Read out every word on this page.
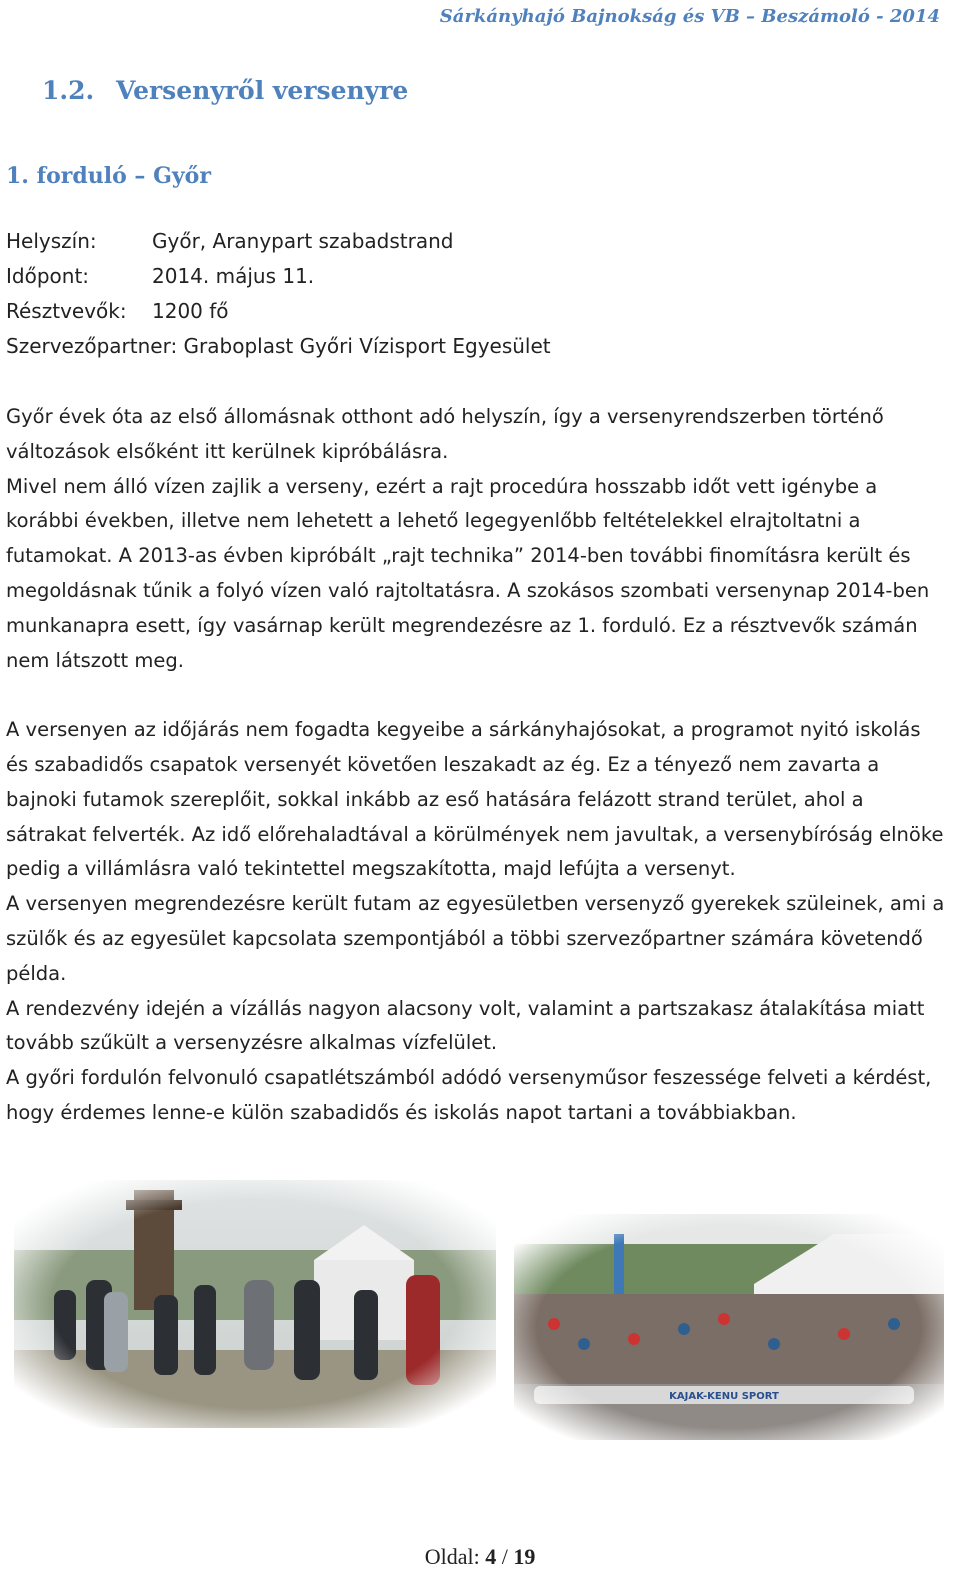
Sárkányhajó Bajnokság és VB – Beszámoló - 2014
1.2. Versenyről versenyre
1. forduló – Győr
Helyszín:	Győr, Aranypart szabadstrand
Időpont:	2014. május 11.
Résztvevők: 1200 fő
Szervezőpartner: Graboplast Győri Vízisport Egyesület

Győr évek óta az első állomásnak otthont adó helyszín, így a versenyrendszerben történő változások elsőként itt kerülnek kipróbálásra.

Mivel nem álló vízen zajlik a verseny, ezért a rajt procedúra hosszabb időt vett igénybe a korábbi években, illetve nem lehetett a lehető legegyenlőbb feltételekkel elrajtoltatni a futamokat. A 2013-as évben kipróbált „rajt technika” 2014-ben további finomításra került és megoldásnak tűnik a folyó vízen való rajtoltatásra. A szokásos szombati versenynap 2014-ben munkanapra esett, így vasárnap került megrendezésre az 1. forduló. Ez a résztvevők számán nem látszott meg.

A versenyen az időjárás nem fogadta kegyeibe a sárkányhajósokat, a programot nyitó iskolás és szabadidős csapatok versenyét követően leszakadt az ég. Ez a tényező nem zavarta a bajnoki futamok szereplőit, sokkal inkább az eső hatására felázott strand terület, ahol a sátrakat felverték. Az idő előrehaladtával a körülmények nem javultak, a versenybíróság elnöke pedig a villámlásra való tekintettel megszakította, majd lefújta a versenyt.

A versenyen megrendezésre került futam az egyesületben versenyző gyerekek szüleinek, ami a szülők és az egyesület kapcsolata szempontjából a többi szervezőpartner számára követendő példa.

A rendezvény idején a vízállás nagyon alacsony volt, valamint a partszakasz átalakítása miatt tovább szűkült a versenyzésre alkalmas vízfelület.

A győri fordulón felvonuló csapatlétszámból adódó versenyműsor feszessége felveti a kérdést, hogy érdemes lenne-e külön szabadidős és iskolás napot tartani a továbbiakban.

Oldal: 4 / 19
